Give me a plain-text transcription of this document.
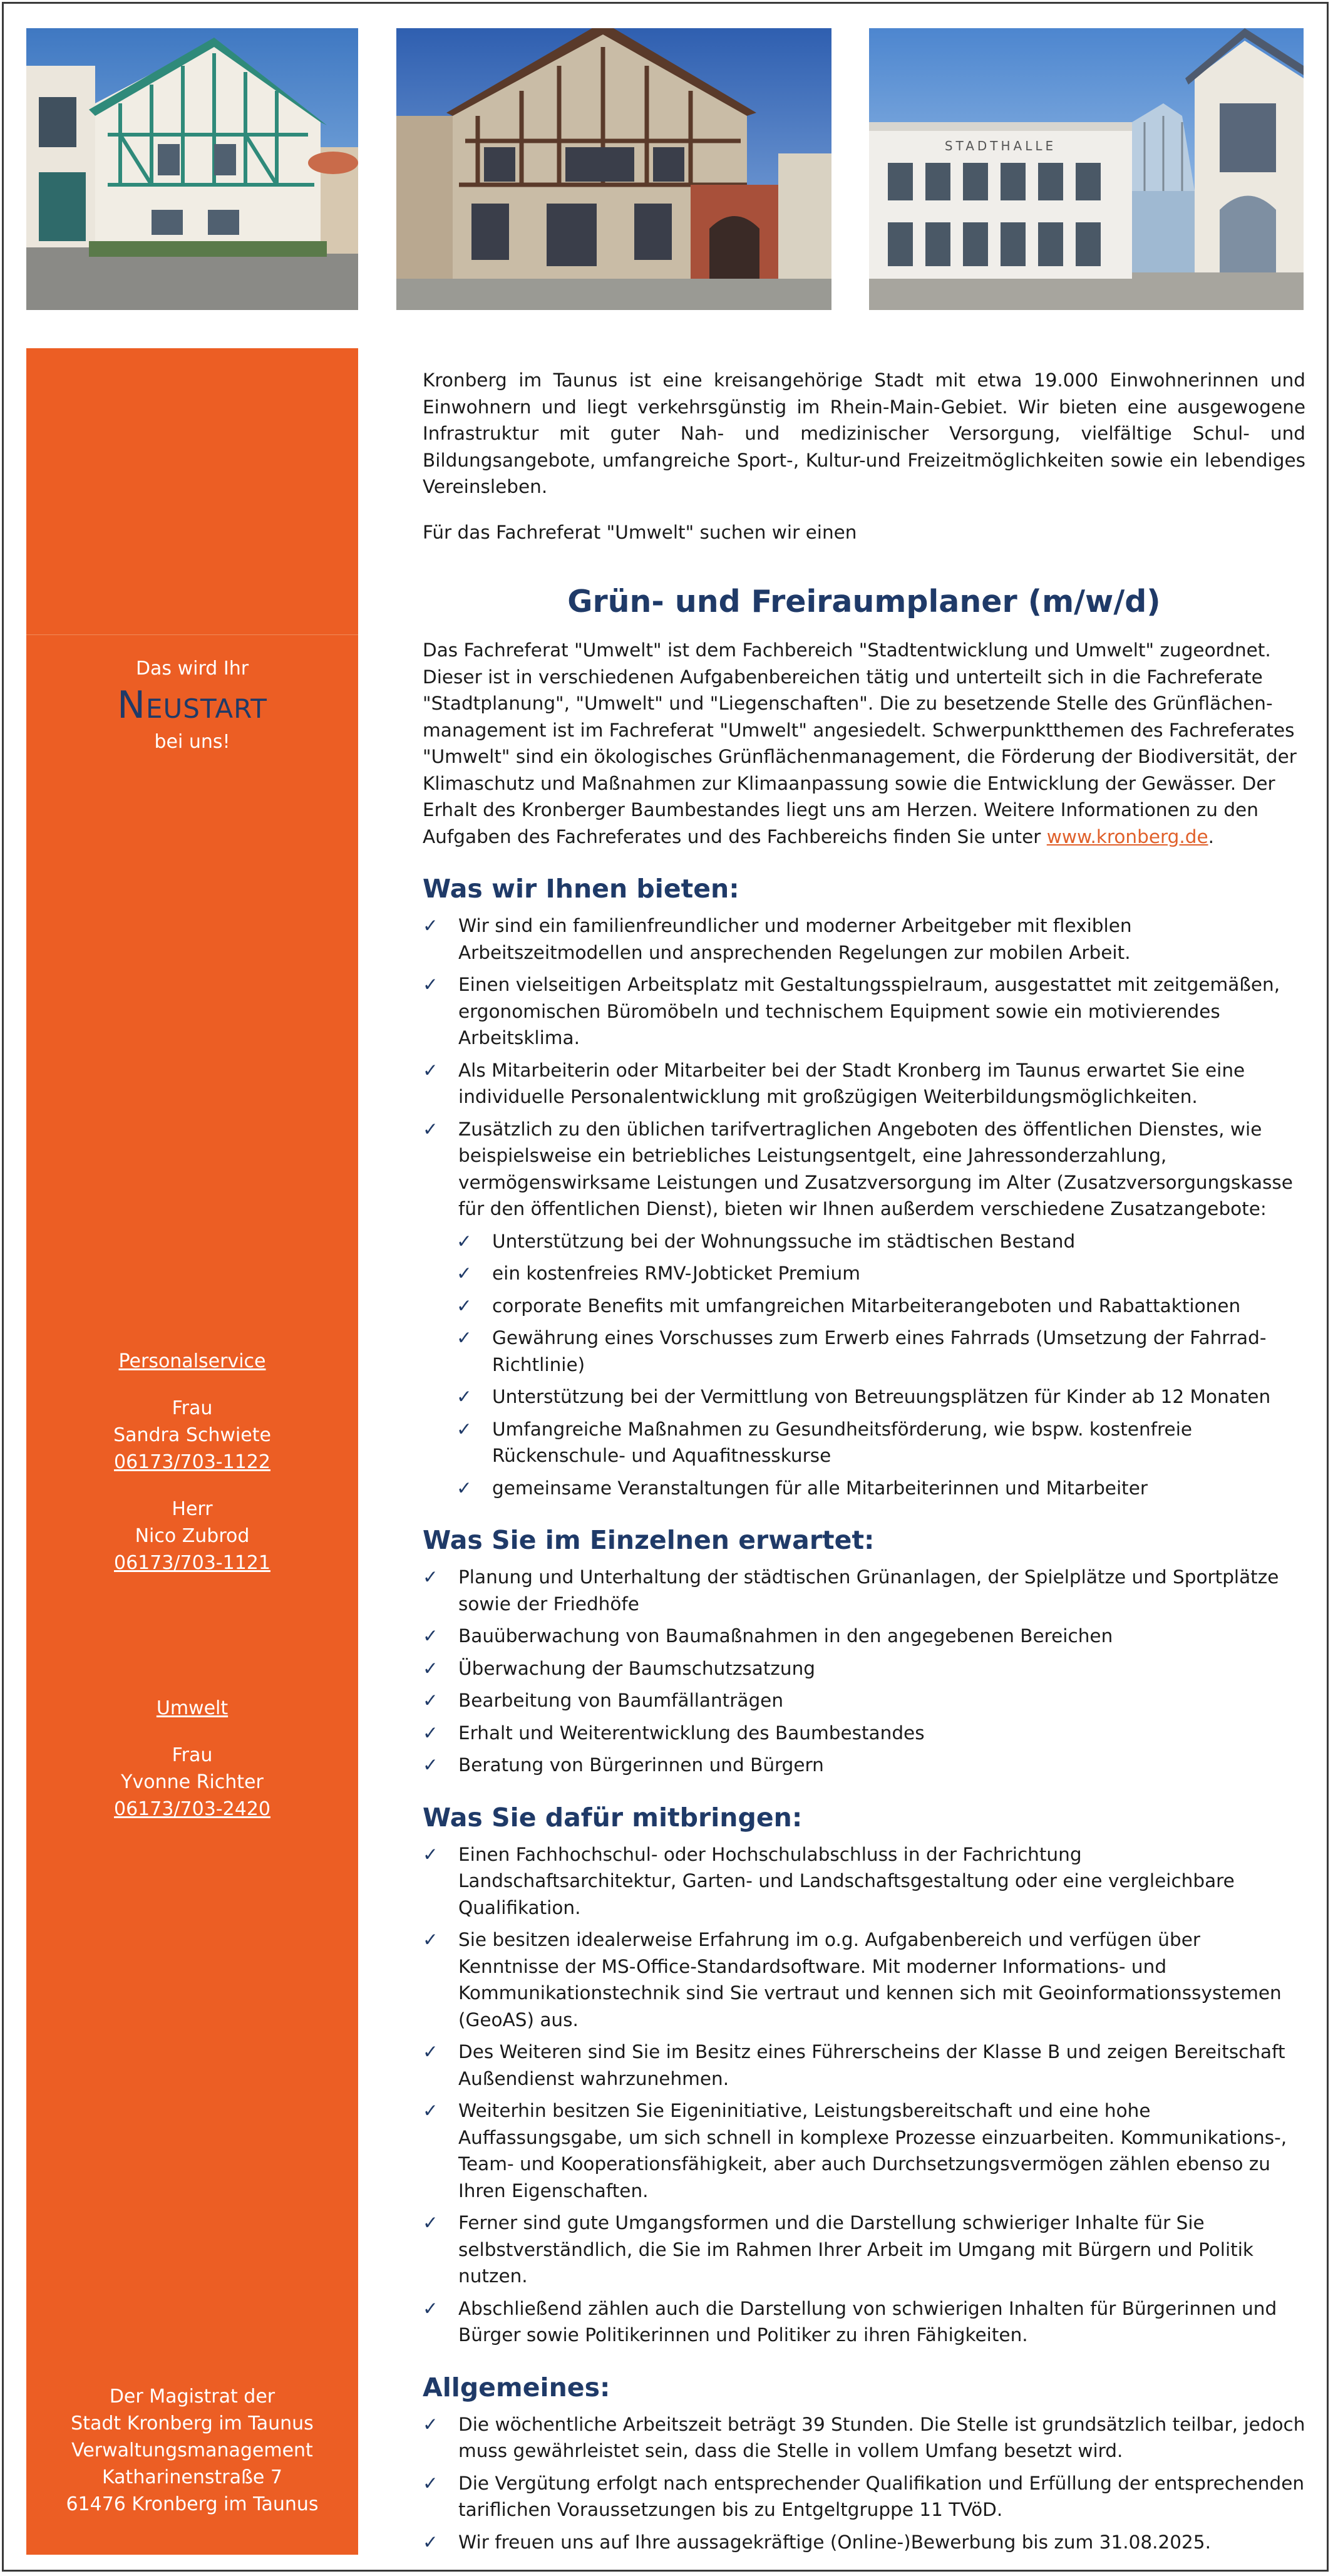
STADTHALLE
Das wird Ihr
Neustart
bei uns!
Personalservice
Frau
Sandra Schwiete
06173/703-1122
Herr
Nico Zubrod
06173/703-1121
Umwelt
Frau
Yvonne Richter
06173/703-2420
Der Magistrat der
Stadt Kronberg im Taunus
Verwaltungsmanagement
Katharinenstraße 7
61476 Kronberg im Taunus

Kronberg im Taunus ist eine kreisangehörige Stadt mit etwa 19.000 Einwohnerinnen und Einwohnern und liegt verkehrsgünstig im Rhein-Main-Gebiet. Wir bieten eine ausgewogene Infrastruktur mit guter Nah- und medizinischer Versorgung, vielfältige Schul- und Bildungsangebote, umfangreiche Sport-, Kultur-und Freizeitmöglichkeiten sowie ein lebendiges Vereinsleben.

Für das Fachreferat "Umwelt" suchen wir einen

Grün- und Freiraumplaner (m/w/d)

Das Fachreferat "Umwelt" ist dem Fachbereich "Stadtentwicklung und Umwelt" zugeordnet. Dieser ist in verschiedenen Aufgabenbereichen tätig und unterteilt sich in die Fachreferate "Stadtplanung", "Umwelt" und "Liegenschaften". Die zu besetzende Stelle des Grünflächen-management ist im Fachreferat "Umwelt" angesiedelt. Schwerpunktthemen des Fachreferates "Umwelt" sind ein ökologisches Grünflächenmanagement, die Förderung der Biodiversität, der Klimaschutz und Maßnahmen zur Klimaanpassung sowie die Entwicklung der Gewässer. Der Erhalt des Kronberger Baumbestandes liegt uns am Herzen. Weitere Informationen zu den Aufgaben des Fachreferates und des Fachbereichs finden Sie unter www.kronberg.de.

Was wir Ihnen bieten:
✓ Wir sind ein familienfreundlicher und moderner Arbeitgeber mit flexiblen Arbeitszeitmodellen und ansprechenden Regelungen zur mobilen Arbeit.
✓ Einen vielseitigen Arbeitsplatz mit Gestaltungsspielraum, ausgestattet mit zeitgemäßen, ergonomischen Büromöbeln und technischem Equipment sowie ein motivierendes Arbeitsklima.
✓ Als Mitarbeiterin oder Mitarbeiter bei der Stadt Kronberg im Taunus erwartet Sie eine individuelle Personalentwicklung mit großzügigen Weiterbildungsmöglichkeiten.
✓ Zusätzlich zu den üblichen tarifvertraglichen Angeboten des öffentlichen Dienstes, wie beispielsweise ein betriebliches Leistungsentgelt, eine Jahressonderzahlung, vermögenswirksame Leistungen und Zusatzversorgung im Alter (Zusatzversorgungskasse für den öffentlichen Dienst), bieten wir Ihnen außerdem verschiedene Zusatzangebote:
✓ Unterstützung bei der Wohnungssuche im städtischen Bestand
✓ ein kostenfreies RMV-Jobticket Premium
✓ corporate Benefits mit umfangreichen Mitarbeiterangeboten und Rabattaktionen
✓ Gewährung eines Vorschusses zum Erwerb eines Fahrrads (Umsetzung der Fahrrad-Richtlinie)
✓ Unterstützung bei der Vermittlung von Betreuungsplätzen für Kinder ab 12 Monaten
✓ Umfangreiche Maßnahmen zu Gesundheitsförderung, wie bspw. kostenfreie Rückenschule- und Aquafitnesskurse
✓ gemeinsame Veranstaltungen für alle Mitarbeiterinnen und Mitarbeiter
Was Sie im Einzelnen erwartet:
✓ Planung und Unterhaltung der städtischen Grünanlagen, der Spielplätze und Sportplätze sowie der Friedhöfe
✓ Bauüberwachung von Baumaßnahmen in den angegebenen Bereichen
✓ Überwachung der Baumschutzsatzung
✓ Bearbeitung von Baumfällanträgen
✓ Erhalt und Weiterentwicklung des Baumbestandes
✓ Beratung von Bürgerinnen und Bürgern
Was Sie dafür mitbringen:
✓ Einen Fachhochschul- oder Hochschulabschluss in der Fachrichtung Landschaftsarchitektur, Garten- und Landschaftsgestaltung oder eine vergleichbare Qualifikation.
✓ Sie besitzen idealerweise Erfahrung im o.g. Aufgabenbereich und verfügen über Kenntnisse der MS-Office-Standardsoftware. Mit moderner Informations- und Kommunikationstechnik sind Sie vertraut und kennen sich mit Geoinformationssystemen (GeoAS) aus.
✓ Des Weiteren sind Sie im Besitz eines Führerscheins der Klasse B und zeigen Bereitschaft Außendienst wahrzunehmen.
✓ Weiterhin besitzen Sie Eigeninitiative, Leistungsbereitschaft und eine hohe Auffassungsgabe, um sich schnell in komplexe Prozesse einzuarbeiten. Kommunikations-, Team- und Kooperationsfähigkeit, aber auch Durchsetzungsvermögen zählen ebenso zu Ihren Eigenschaften.
✓ Ferner sind gute Umgangsformen und die Darstellung schwieriger Inhalte für Sie selbstverständlich, die Sie im Rahmen Ihrer Arbeit im Umgang mit Bürgern und Politik nutzen.
✓ Abschließend zählen auch die Darstellung von schwierigen Inhalten für Bürgerinnen und Bürger sowie Politikerinnen und Politiker zu ihren Fähigkeiten.
Allgemeines:
✓ Die wöchentliche Arbeitszeit beträgt 39 Stunden. Die Stelle ist grundsätzlich teilbar, jedoch muss gewährleistet sein, dass die Stelle in vollem Umfang besetzt wird.
✓ Die Vergütung erfolgt nach entsprechender Qualifikation und Erfüllung der entsprechenden tariflichen Voraussetzungen bis zu Entgeltgruppe 11 TVöD.
✓ Wir freuen uns auf Ihre aussagekräftige (Online-)Bewerbung bis zum 31.08.2025.
